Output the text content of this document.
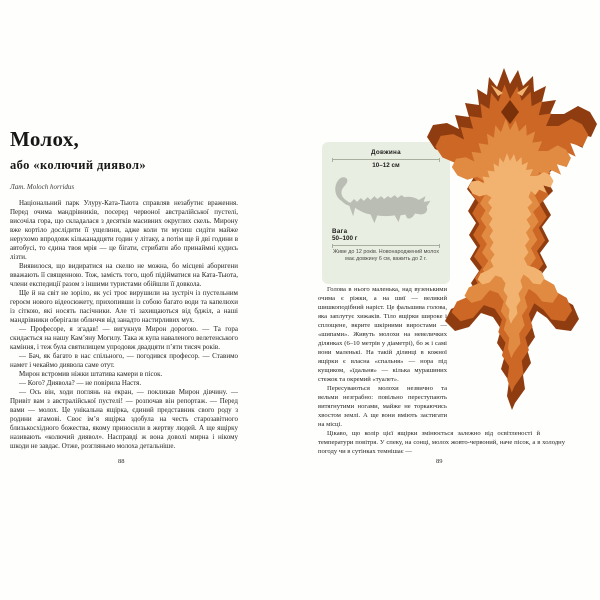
Молох,
або «колючий диявол»
Лат. Moloch horridus

Національний парк Улуру-Ката-Тьюта справляв незабутнє враження. Перед очима мандрівників, посеред червоної австралійської пустелі, височіла гора, що складалася з десятків масивних округлих скель. Мирону вже кортіло дослідити її ущелини, адже коли ти мусиш сидіти майже нерухомо впродовж кільканадцяти годин у літаку, а потім ще й дві години в автобусі, то єдина твоя мрія — це бігати, стрибати або принаймні кудись лізти.

Виявилося, що видиратися на скелю не можна, бо місцеві аборигени вважають її священною. Тож, замість того, щоб підійматися на Ката-Тьюта, члени експедиції разом з іншими туристами обійшли її довкола.

Ще й на світ не зоріло, як усі троє вирушили на зустріч із пустельним героєм нового відеосюжету, прихопивши із собою багато води та капелюхи із сіткою, які носять пасічники. Але ті захищаються від бджіл, а наші мандрівники оберігали обличчя від занадто настирливих мух.

— Професоре, я згадав! — вигукнув Мирон дорогою. — Та гора скидається на нашу Кам’яну Могилу. Така ж купа наваленого велетенського каміння, і теж була святилищем упродовж двадцяти п’яти тисяч років.

— Бач, як багато в нас спільного, — погодився професор. — Ставимо намет і чекаймо диявола саме отут.

Мирон встромив ніжки штатива камери в пісок.

— Кого? Диявола? — не повірила Настя.

— Ось він, ходи поглянь на екран, — покликав Мирон дівчину. — Привіт вам з австралійської пустелі! — розпочав він репортаж. — Перед вами — молох. Це унікальна ящірка, єдиний представник свого роду з родини агамові. Своє ім’я ящірка здобула на честь старозавітного близькосхідного божества, якому приносили в жертву людей. А ще ящірку називають «колючий диявол». Насправді ж вона доволі мирна і нікому шкоди не завдає. Отже, розгляньмо молоха детальніше.

88
Довжина
10–12 см
Вага
50–100 г
Живе до 12 років. Новонароджений молох має довжину 6 см, важить до 2 г.

Голова в нього маленька, над вузенькими очима є ріжки, а на шиї — великий шишкоподібний наріст. Це фальшива голова, яка заплутує хижаків. Тіло ящірки широке і сплощене, вкрите шкірними виростами — «шипами». Живуть молохи на невеличких ділянках (6–10 метрів у діаметрі), бо ж і самі вони маленькі. На такій ділянці в кожної ящірки є власна «спальня» — нора під кущиком, «їдальня» — кілька мурашиних стежок та окремий «туалет».

Пересуваються молохи незвично та вельми незграбно: повільно переступають витягнутими ногами, майже не торкаючись хвостом землі. А ще вони вміють застигати на місці.

Цікаво, що колір цієї ящірки змінюється залежно від освітленості й температури повітря. У спеку, на сонці, молох жовто-червоний, наче пісок, а в холодну погоду чи в сутінках темнішає —

89
